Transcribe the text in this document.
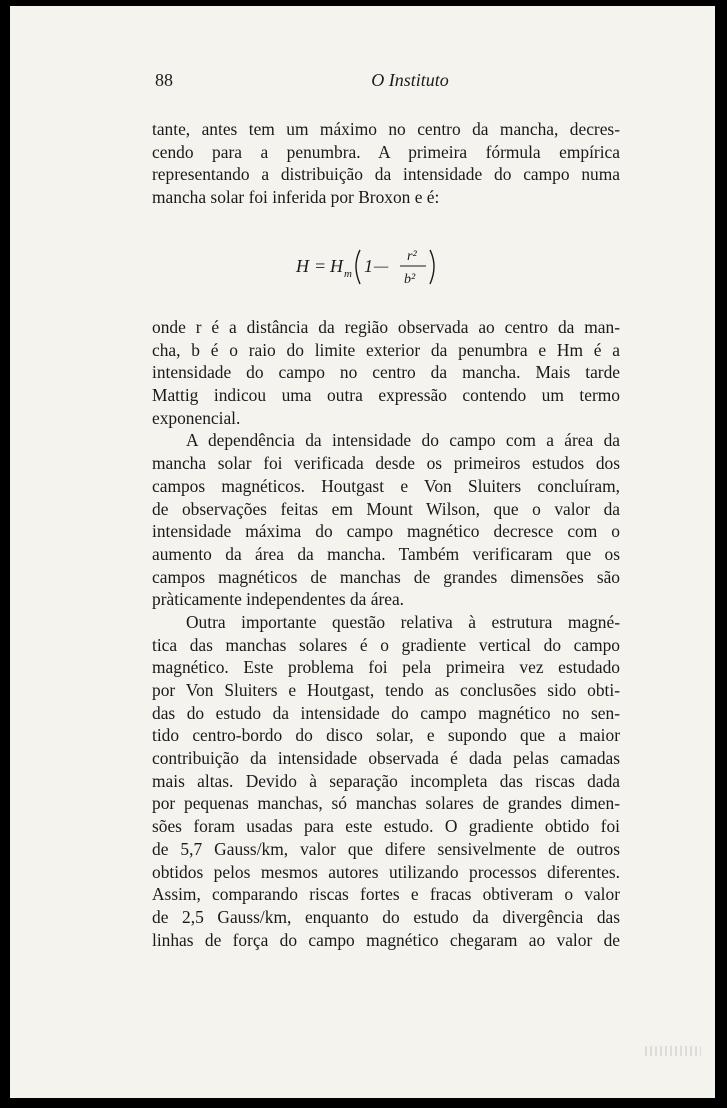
88	O Instituto
tante, antes tem um máximo no centro da mancha, decres-
cendo para a penumbra. A primeira fórmula empírica
representando a distribuição da intensidade do campo numa
mancha solar foi inferida por Broxon e é:
H = H m 1 —
r²
b²
onde r é a distância da região observada ao centro da man-
cha, b é o raio do limite exterior da penumbra e Hm é a
intensidade do campo no centro da mancha. Mais tarde
Mattig indicou uma outra expressão contendo um termo
exponencial.
A dependência da intensidade do campo com a área da
mancha solar foi verificada desde os primeiros estudos dos
campos magnéticos. Houtgast e Von Sluiters concluíram,
de observações feitas em Mount Wilson, que o valor da
intensidade máxima do campo magnético decresce com o
aumento da área da mancha. Também verificaram que os
campos magnéticos de manchas de grandes dimensões são
pràticamente independentes da área.
Outra importante questão relativa à estrutura magné-
tica das manchas solares é o gradiente vertical do campo
magnético. Este problema foi pela primeira vez estudado
por Von Sluiters e Houtgast, tendo as conclusões sido obti-
das do estudo da intensidade do campo magnético no sen-
tido centro-bordo do disco solar, e supondo que a maior
contribuição da intensidade observada é dada pelas camadas
mais altas. Devido à separação incompleta das riscas dada
por pequenas manchas, só manchas solares de grandes dimen-
sões foram usadas para este estudo. O gradiente obtido foi
de 5,7 Gauss/km, valor que difere sensivelmente de outros
obtidos pelos mesmos autores utilizando processos diferentes.
Assim, comparando riscas fortes e fracas obtiveram o valor
de 2,5 Gauss/km, enquanto do estudo da divergência das
linhas de força do campo magnético chegaram ao valor de
